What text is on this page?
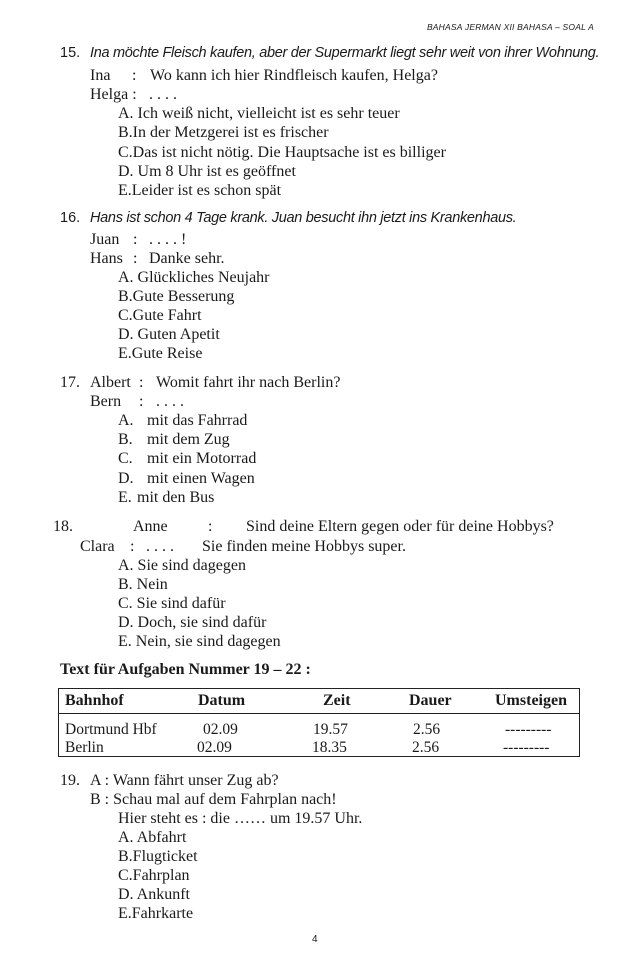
BAHASA JERMAN XII BAHASA – SOAL A
15. Ina möchte Fleisch kaufen, aber der Supermarkt liegt sehr weit von ihrer Wohnung.
Ina : Wo kann ich hier Rindfleisch kaufen, Helga?
Helga : . . . .
A. Ich weiß nicht, vielleicht ist es sehr teuer
B.In der Metzgerei ist es frischer
C.Das ist nicht nötig. Die Hauptsache ist es billiger
D. Um 8 Uhr ist es geöffnet
E.Leider ist es schon spät
16. Hans ist schon 4 Tage krank. Juan besucht ihn jetzt ins Krankenhaus.
Juan : . . . . !
Hans : Danke sehr.
A. Glückliches Neujahr
B.Gute Besserung
C.Gute Fahrt
D. Guten Apetit
E.Gute Reise
17. Albert : Womit fahrt ihr nach Berlin?
Bern : . . . .
A. mit das Fahrrad
B. mit dem Zug
C. mit ein Motorrad
D. mit einen Wagen
E. mit den Bus
18.	Anne	: Sind deine Eltern gegen oder für deine Hobbys?
Clara : . . . . Sie finden meine Hobbys super.
A. Sie sind dagegen
B. Nein
C. Sie sind dafür
D. Doch, sie sind dafür
E. Nein, sie sind dagegen
Text für Aufgaben Nummer 19 – 22 :
Bahnhof	Datum	Zeit	Dauer	Umsteigen
Dortmund Hbf	02.09	19.57	2.56	---------
Berlin	02.09	18.35	2.56	---------
19. A : Wann fährt unser Zug ab?
B : Schau mal auf dem Fahrplan nach!
Hier steht es : die …… um 19.57 Uhr.
A. Abfahrt
B.Flugticket
C.Fahrplan
D. Ankunft
E.Fahrkarte
4
